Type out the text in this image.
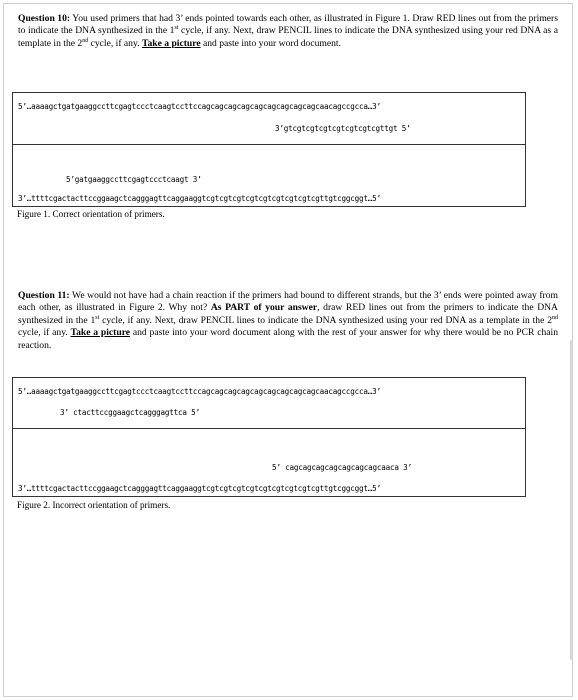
Question 10: You used primers that had 3’ ends pointed towards each other, as illustrated in Figure 1. Draw RED lines out from the primers to indicate the DNA synthesized in the 1st cycle, if any. Next, draw PENCIL lines to indicate the DNA synthesized using your red DNA as a template in the 2nd cycle, if any. Take a picture and paste into your word document.
5’…aaaagctgatgaaggccttcgagtccctcaagtccttccagcagcagcagcagcagcagcagcagcaacagccgcca…3’
3’gtcgtcgtcgtcgtcgtcgtcgttgt 5’
5’gatgaaggccttcgagtccctcaagt 3’
3’…ttttcgactacttccggaagctcagggagttcaggaaggtcgtcgtcgtcgtcgtcgtcgtcgtcgttgtcggcggt…5’
Figure 1. Correct orientation of primers.
Question 11: We would not have had a chain reaction if the primers had bound to different strands, but the 3’ ends were pointed away from each other, as illustrated in Figure 2. Why not? As PART of your answer, draw RED lines out from the primers to indicate the DNA synthesized in the 1st cycle, if any. Next, draw PENCIL lines to indicate the DNA synthesized using your red DNA as a template in the 2nd cycle, if any. Take a picture and paste into your word document along with the rest of your answer for why there would be no PCR chain reaction.
5’…aaaagctgatgaaggccttcgagtccctcaagtccttccagcagcagcagcagcagcagcagcagcaacagccgcca…3’
3’ ctacttccggaagctcagggagttca 5’
5’ cagcagcagcagcagcagcagcaaca 3’
3’…ttttcgactacttccggaagctcagggagttcaggaaggtcgtcgtcgtcgtcgtcgtcgtcgtcgttgtcggcggt…5’
Figure 2. Incorrect orientation of primers.
